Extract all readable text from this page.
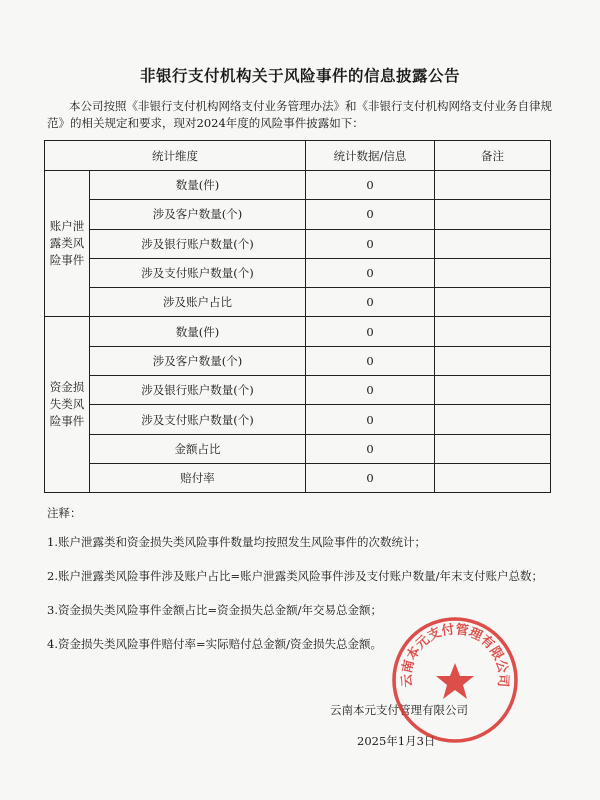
非银行支付机构关于风险事件的信息披露公告
本公司按照《非银行支付机构网络支付业务管理办法》和《非银行支付机构网络支付业务自律规范》的相关规定和要求，现对2024年度的风险事件披露如下：
统计维度		统计数据/信息	备注
账户泄露类风险事件	数量(件)	0	
	涉及客户数量(个)	0	
	涉及银行账户数量(个)	0	
	涉及支付账户数量(个)	0	
	涉及账户占比	0	
资金损失类风险事件	数量(件)	0	
	涉及客户数量(个)	0	
	涉及银行账户数量(个)	0	
	涉及支付账户数量(个)	0	
	金额占比	0	
	赔付率	0	
注释：
1.账户泄露类和资金损失类风险事件数量均按照发生风险事件的次数统计；
2.账户泄露类风险事件涉及账户占比=账户泄露类风险事件涉及支付账户数量/年末支付账户总数；
3.资金损失类风险事件金额占比=资金损失总金额/年交易总金额；
4.资金损失类风险事件赔付率=实际赔付总金额/资金损失总金额。
云南本元支付管理有限公司
2025年1月3日
云南本元支付管理有限公司
